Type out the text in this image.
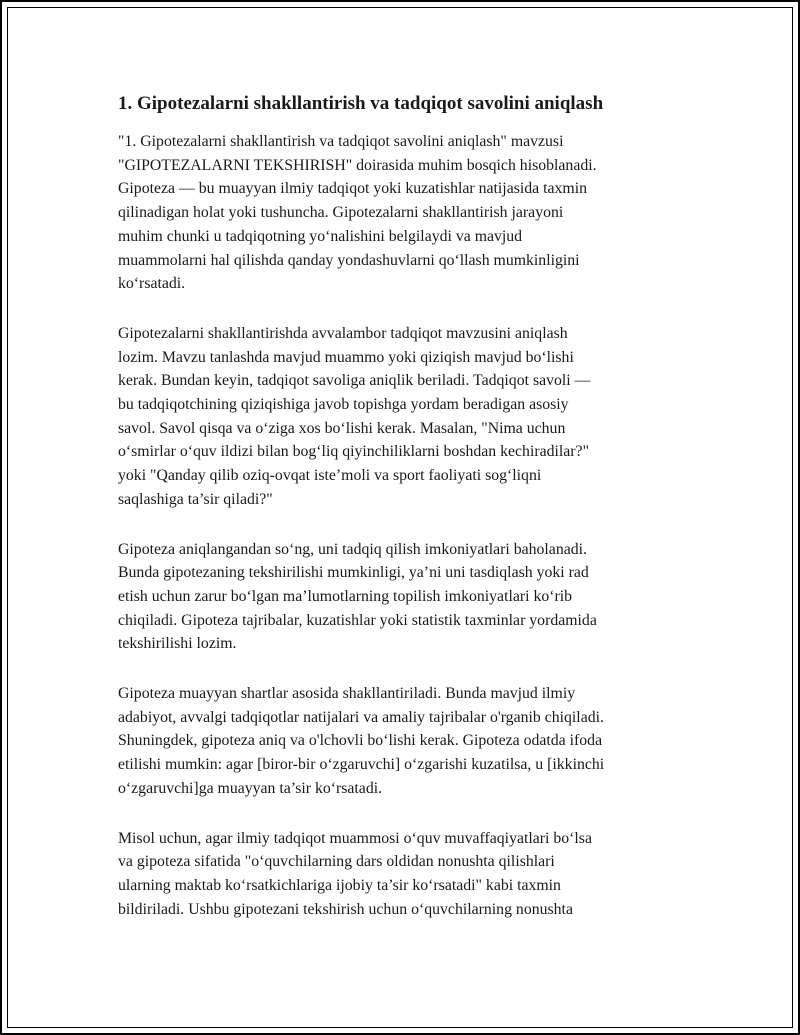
1. Gipotezalarni shakllantirish va tadqiqot savolini aniqlash

"1. Gipotezalarni shakllantirish va tadqiqot savolini aniqlash" mavzusi
"GIPOTEZALARNI TEKSHIRISH" doirasida muhim bosqich hisoblanadi.
Gipoteza — bu muayyan ilmiy tadqiqot yoki kuzatishlar natijasida taxmin
qilinadigan holat yoki tushuncha. Gipotezalarni shakllantirish jarayoni
muhim chunki u tadqiqotning yo‘nalishini belgilaydi va mavjud
muammolarni hal qilishda qanday yondashuvlarni qo‘llash mumkinligini
ko‘rsatadi.

Gipotezalarni shakllantirishda avvalambor tadqiqot mavzusini aniqlash
lozim. Mavzu tanlashda mavjud muammo yoki qiziqish mavjud bo‘lishi
kerak. Bundan keyin, tadqiqot savoliga aniqlik beriladi. Tadqiqot savoli —
bu tadqiqotchining qiziqishiga javob topishga yordam beradigan asosiy
savol. Savol qisqa va o‘ziga xos bo‘lishi kerak. Masalan, "Nima uchun
o‘smirlar o‘quv ildizi bilan bog‘liq qiyinchiliklarni boshdan kechiradilar?"
yoki "Qanday qilib oziq-ovqat iste’moli va sport faoliyati sog‘liqni
saqlashiga ta’sir qiladi?"

Gipoteza aniqlangandan so‘ng, uni tadqiq qilish imkoniyatlari baholanadi.
Bunda gipotezaning tekshirilishi mumkinligi, ya’ni uni tasdiqlash yoki rad
etish uchun zarur bo‘lgan ma’lumotlarning topilish imkoniyatlari ko‘rib
chiqiladi. Gipoteza tajribalar, kuzatishlar yoki statistik taxminlar yordamida
tekshirilishi lozim.

Gipoteza muayyan shartlar asosida shakllantiriladi. Bunda mavjud ilmiy
adabiyot, avvalgi tadqiqotlar natijalari va amaliy tajribalar o'rganib chiqiladi.
Shuningdek, gipoteza aniq va o'lchovli bo‘lishi kerak. Gipoteza odatda ifoda
etilishi mumkin: agar [biror-bir o‘zgaruvchi] o‘zgarishi kuzatilsa, u [ikkinchi
o‘zgaruvchi]ga muayyan ta’sir ko‘rsatadi.

Misol uchun, agar ilmiy tadqiqot muammosi o‘quv muvaffaqiyatlari bo‘lsa
va gipoteza sifatida "o‘quvchilarning dars oldidan nonushta qilishlari
ularning maktab ko‘rsatkichlariga ijobiy ta’sir ko‘rsatadi" kabi taxmin
bildiriladi. Ushbu gipotezani tekshirish uchun o‘quvchilarning nonushta
